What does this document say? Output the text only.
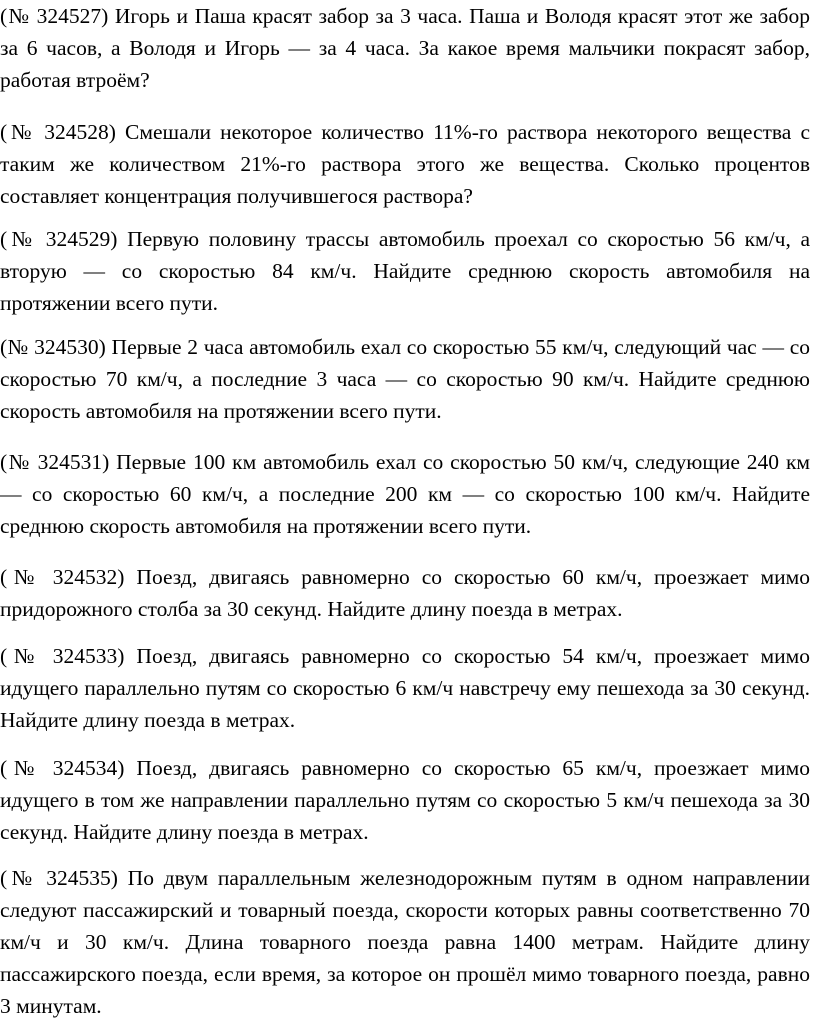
(№ 324527) Игорь и Паша красят забор за 3 часа. Паша и Володя красят этот же забор за 6 часов, а Володя и Игорь — за 4 часа. За какое время мальчики покрасят забор, работая втроём?

(№ 324528) Смешали некоторое количество 11%-го раствора некоторого вещества с таким же количеством 21%-го раствора этого же вещества. Сколько процентов составляет концентрация получившегося раствора?

(№ 324529) Первую половину трассы автомобиль проехал со скоростью 56 км/ч, а вторую — со скоростью 84 км/ч. Найдите среднюю скорость автомобиля на протяжении всего пути.

(№ 324530) Первые 2 часа автомобиль ехал со скоростью 55 км/ч, следующий час — со скоростью 70 км/ч, а последние 3 часа — со скоростью 90 км/ч. Найдите среднюю скорость автомобиля на протяжении всего пути.

(№ 324531) Первые 100 км автомобиль ехал со скоростью 50 км/ч, следующие 240 км — со скоростью 60 км/ч, а последние 200 км — со скоростью 100 км/ч. Найдите среднюю скорость автомобиля на протяжении всего пути.

(№ 324532) Поезд, двигаясь равномерно со скоростью 60 км/ч, проезжает мимо придорожного столба за 30 секунд. Найдите длину поезда в метрах.

(№ 324533) Поезд, двигаясь равномерно со скоростью 54 км/ч, проезжает мимо идущего параллельно путям со скоростью 6 км/ч навстречу ему пешехода за 30 секунд. Найдите длину поезда в метрах.

(№ 324534) Поезд, двигаясь равномерно со скоростью 65 км/ч, проезжает мимо идущего в том же направлении параллельно путям со скоростью 5 км/ч пешехода за 30 секунд. Найдите длину поезда в метрах.

(№ 324535) По двум параллельным железнодорожным путям в одном направлении следуют пассажирский и товарный поезда, скорости которых равны соответственно 70 км/ч и 30 км/ч. Длина товарного поезда равна 1400 метрам. Найдите длину пассажирского поезда, если время, за которое он прошёл мимо товарного поезда, равно 3 минутам.
